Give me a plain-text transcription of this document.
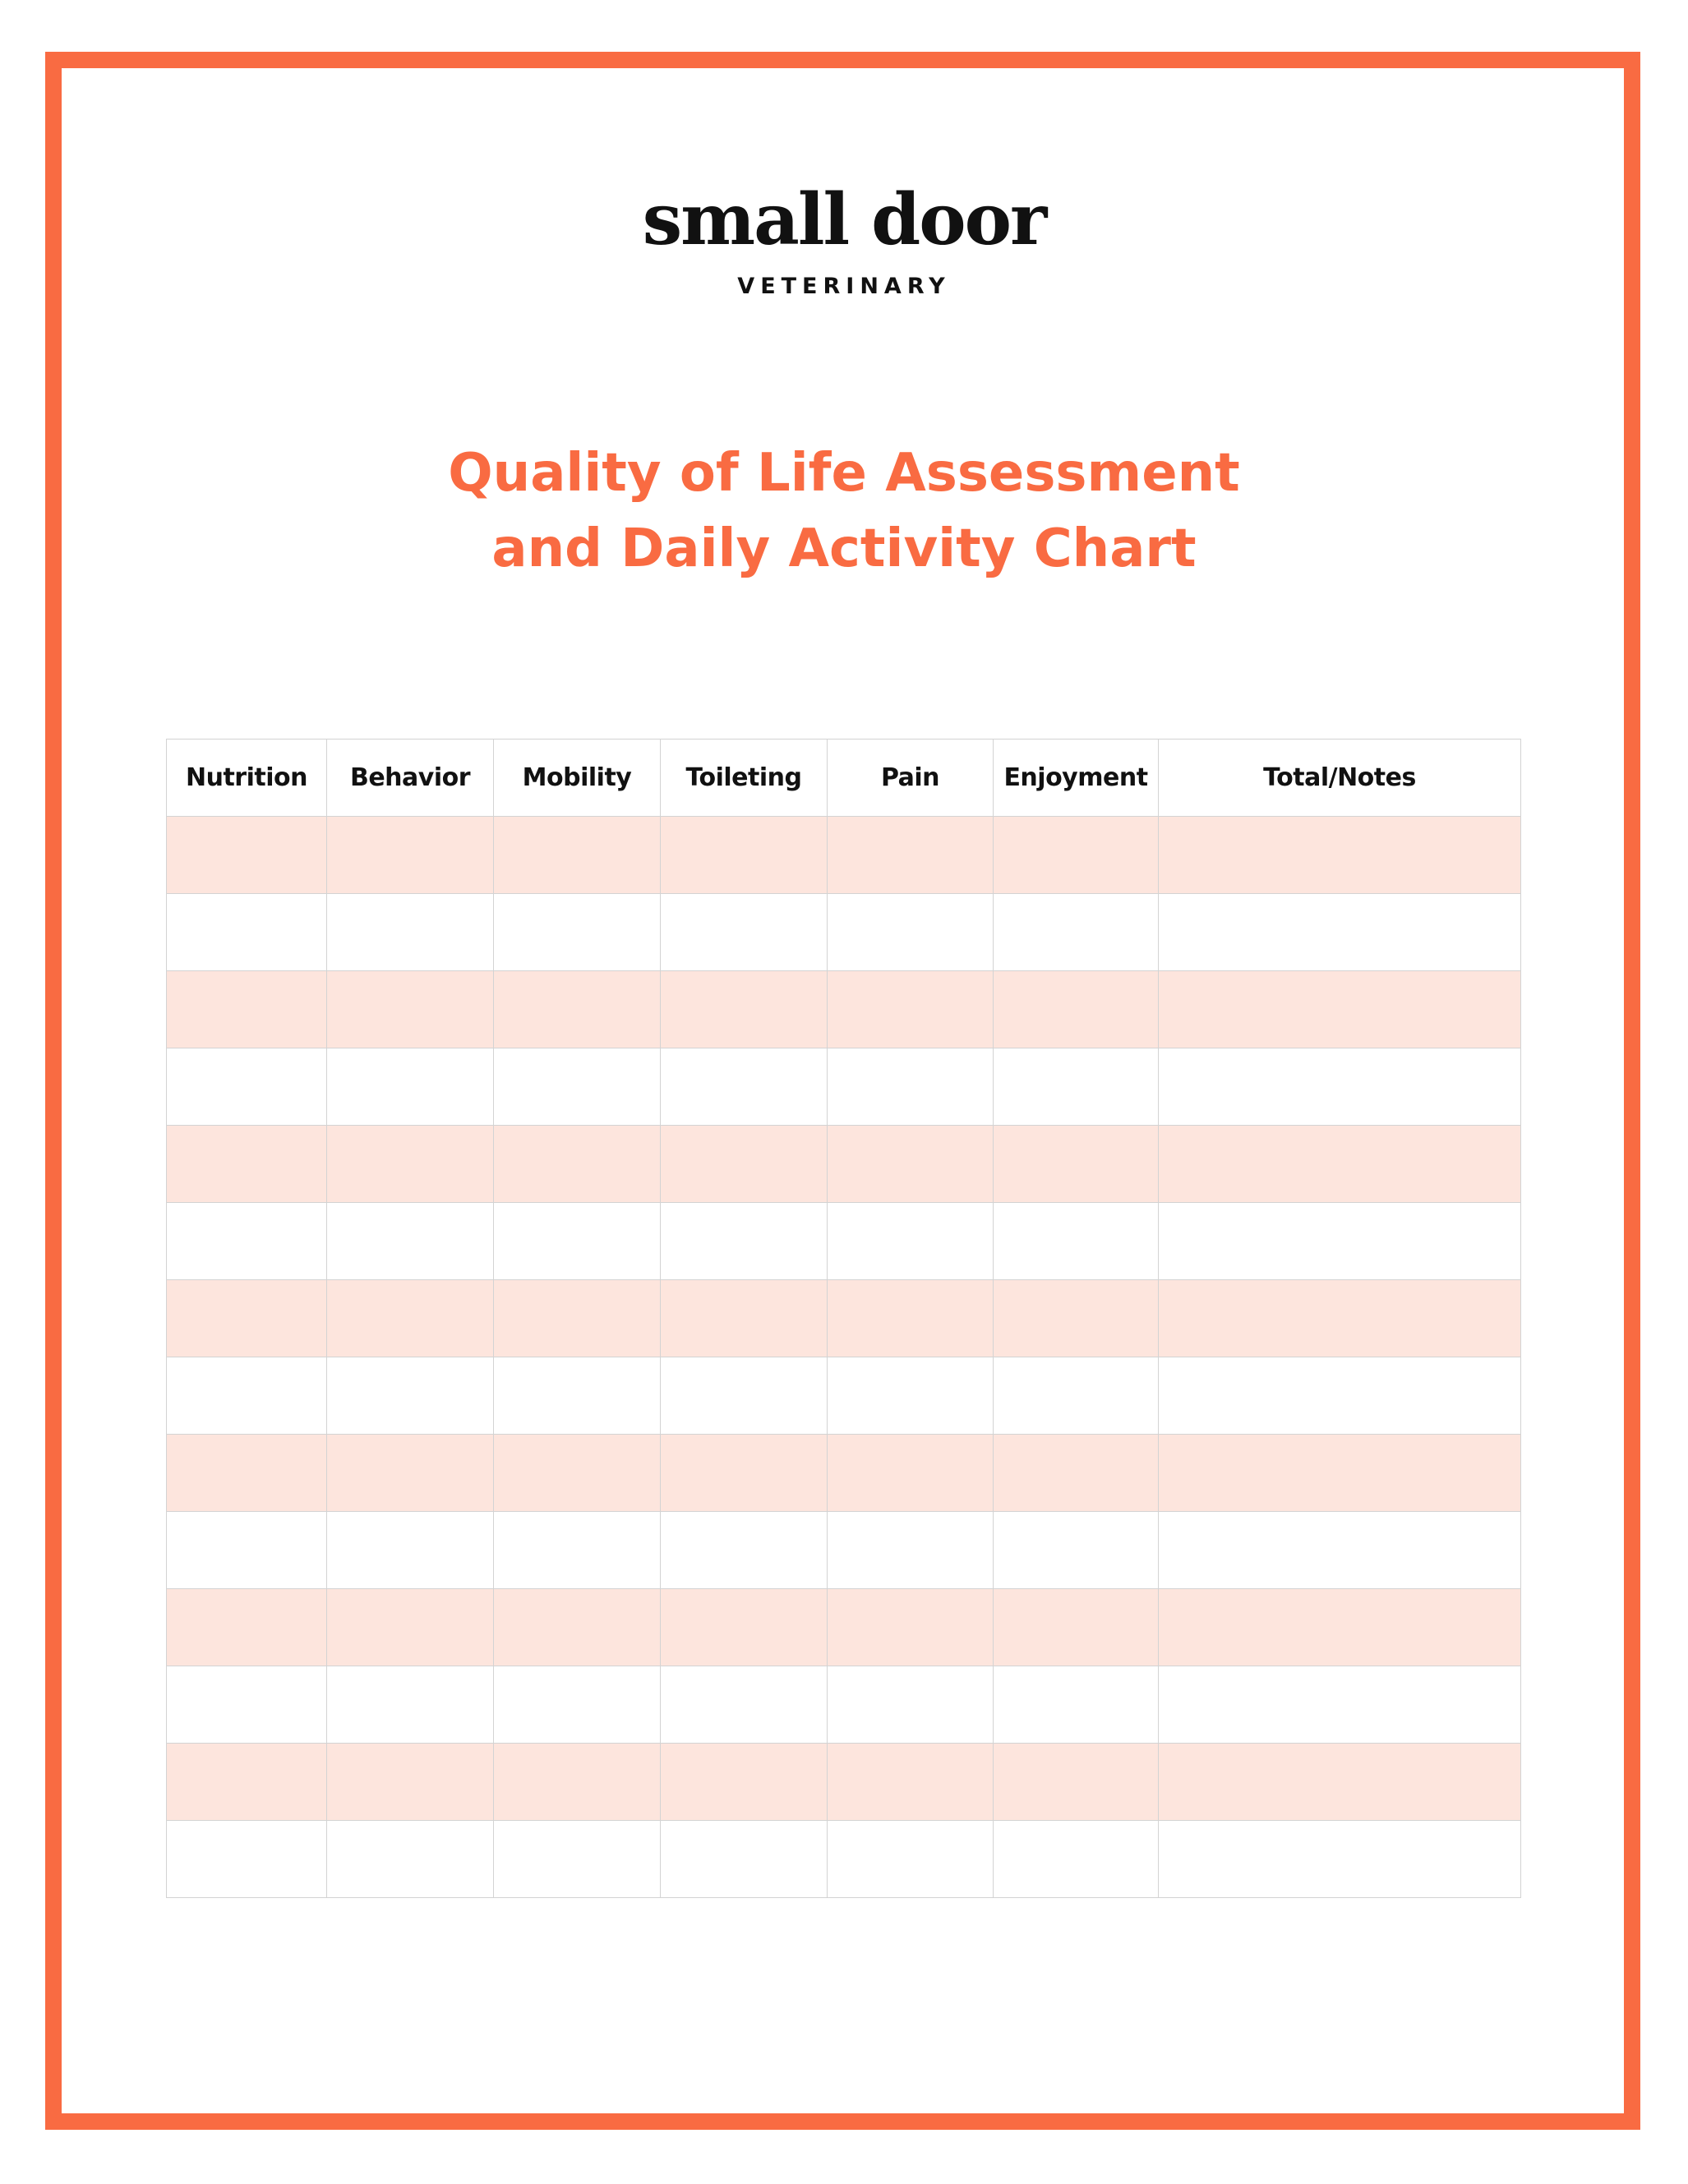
small door
VETERINARY
Quality of Life Assessment
and Daily Activity Chart
Nutrition	Behavior	Mobility	Toileting	Pain	Enjoyment	Total/Notes
